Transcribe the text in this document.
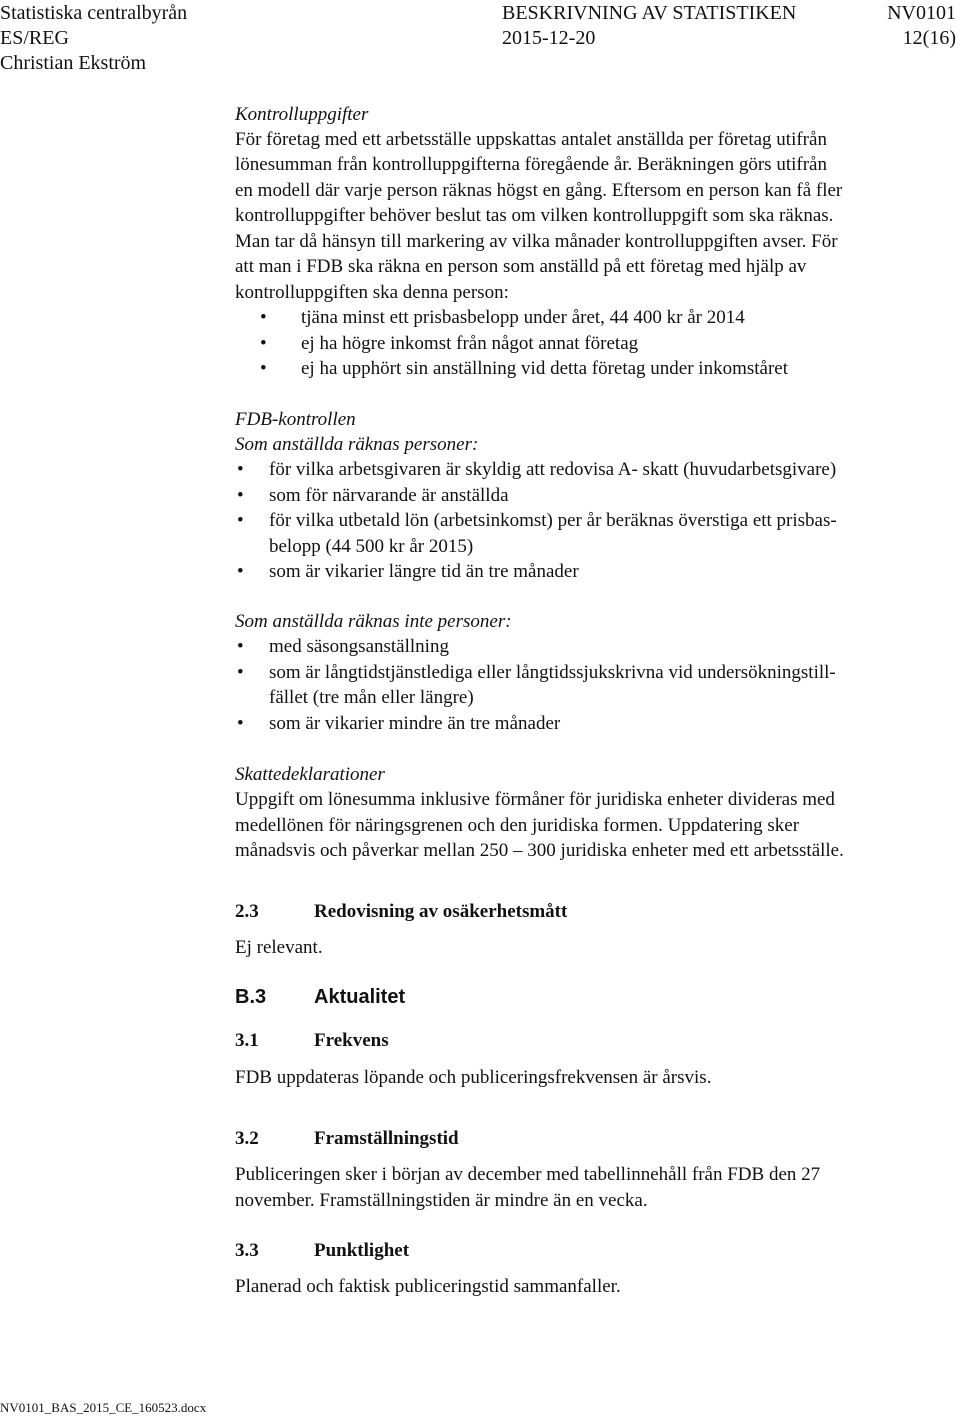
Statistiska centralbyrån
ES/REG
Christian Ekström
BESKRIVNING AV STATISTIKEN
2015-12-20
NV0101
12(16)
Kontrolluppgifter
För företag med ett arbetsställe uppskattas antalet anställda per företag utifrån
lönesumman från kontrolluppgifterna föregående år. Beräkningen görs utifrån
en modell där varje person räknas högst en gång. Eftersom en person kan få fler
kontrolluppgifter behöver beslut tas om vilken kontrolluppgift som ska räknas.
Man tar då hänsyn till markering av vilka månader kontrolluppgiften avser. För
att man i FDB ska räkna en person som anställd på ett företag med hjälp av
kontrolluppgiften ska denna person:
• tjäna minst ett prisbasbelopp under året, 44 400 kr år 2014
• ej ha högre inkomst från något annat företag
• ej ha upphört sin anställning vid detta företag under inkomståret
FDB-kontrollen
Som anställda räknas personer:
• för vilka arbetsgivaren är skyldig att redovisa A- skatt (huvudarbetsgivare)
• som för närvarande är anställda
• för vilka utbetald lön (arbetsinkomst) per år beräknas överstiga ett prisbas-
belopp (44 500 kr år 2015)
• som är vikarier längre tid än tre månader
Som anställda räknas inte personer:
• med säsongsanställning
• som är långtidstjänstlediga eller långtidssjukskrivna vid undersökningstill-
fället (tre mån eller längre)
• som är vikarier mindre än tre månader
Skattedeklarationer
Uppgift om lönesumma inklusive förmåner för juridiska enheter divideras med
medellönen för näringsgrenen och den juridiska formen. Uppdatering sker
månadsvis och påverkar mellan 250 – 300 juridiska enheter med ett arbetsställe.
2.3	Redovisning av osäkerhetsmått
Ej relevant.
B.3 Aktualitet
3.1	Frekvens
FDB uppdateras löpande och publiceringsfrekvensen är årsvis.
3.2	Framställningstid
Publiceringen sker i början av december med tabellinnehåll från FDB den 27
november. Framställningstiden är mindre än en vecka.
3.3	Punktlighet
Planerad och faktisk publiceringstid sammanfaller.
NV0101_BAS_2015_CE_160523.docx
